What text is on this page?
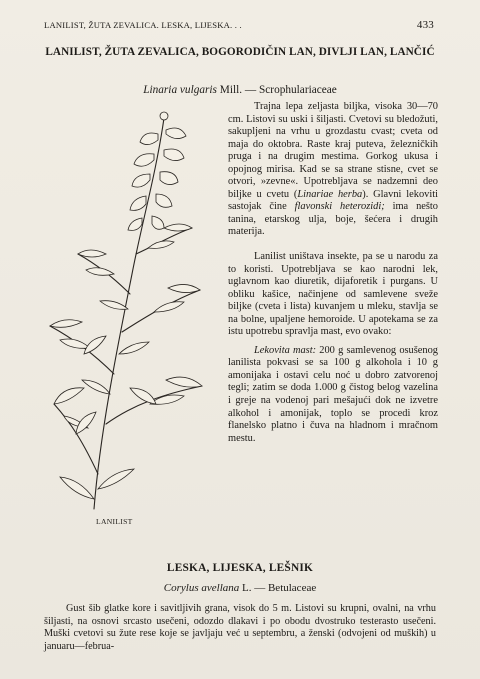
LANILIST, ŽUTA ZEVALICA. LESKA, LIJESKA. . .	433
LANILIST, ŽUTA ZEVALICA, BOGORODIČIN LAN, DIVLJI LAN, LANČIĆ
Linaria vulgaris Mill. — Scrophulariaceae
LANILIST

Trajna lepa zeljasta biljka, visoka 30—70 cm. Listovi su uski i šiljasti. Cvetovi su bledožuti, sakupljeni na vrhu u grozdastu cvast; cveta od maja do oktobra. Raste kraj puteva, železničkih pruga i na drugim mestima. Gorkog ukusa i opojnog mirisa. Kad se sa strane stisne, cvet se otvori, »zevne«. Upotrebljava se nadzemni deo biljke u cvetu (Linariae herba). Glavni lekoviti sastojak čine flavonski heterozidi; ima nešto tanina, etarskog ulja, boje, šećera i drugih materija.

Lanilist uništava insekte, pa se u narodu za to koristi. Upotrebljava se kao narodni lek, uglavnom kao diuretik, dijaforetik i purgans. U obliku kašice, načinjene od samlevene sveže biljke (cveta i lista) kuvanjem u mleku, stavlja se na bolne, upaljene hemoroide. U apotekama se za istu upotrebu spravlja mast, evo ovako:

Lekovita mast: 200 g samlevenog osušenog lanilista pokvasi se sa 100 g alkohola i 10 g amonijaka i ostavi celu noć u dobro zatvorenoj tegli; zatim se doda 1.000 g čistog belog vazelina i greje na vodenoj pari mešajući dok ne izvetre alkohol i amonijak, toplo se procedi kroz flanelsko platno i čuva na hladnom i mračnom mestu.

LESKA, LIJESKA, LEŠNIK
Corylus avellana L. — Betulaceae

Gust šib glatke kore i savitljivih grana, visok do 5 m. Listovi su krupni, ovalni, na vrhu šiljasti, na osnovi srcasto usečeni, odozdo dlakavi i po obodu dvostruko testerasto usečeni. Muški cvetovi su žute rese koje se javljaju već u septembru, a ženski (odvojeni od muških) u januaru—februa-
